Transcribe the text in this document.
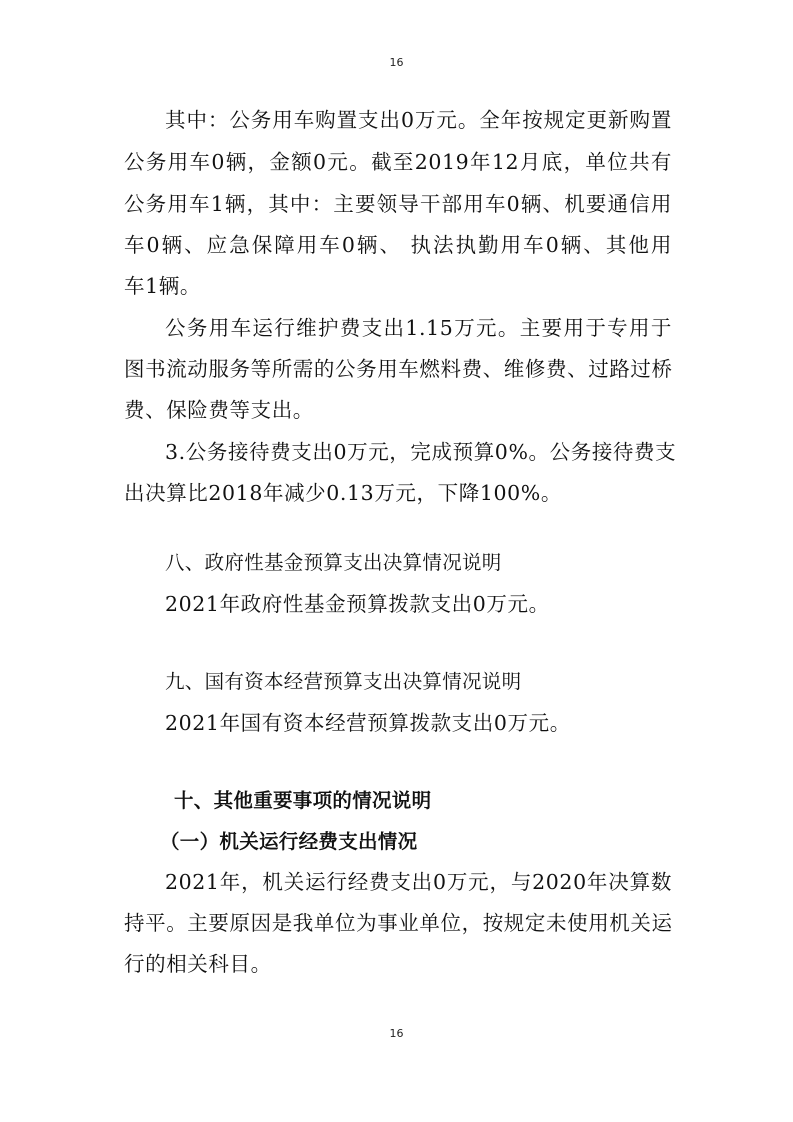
16
其中：公务用车购置支出0万元。全年按规定更新购置
公务用车0辆，金额0元。截至2019年12月底，单位共有
公务用车1辆，其中：主要领导干部用车0辆、机要通信用
车0辆、应急保障用车0辆、 执法执勤用车0辆、其他用
车1辆。
公务用车运行维护费支出1.15万元。主要用于专用于
图书流动服务等所需的公务用车燃料费、维修费、过路过桥
费、保险费等支出。
3.公务接待费支出0万元，完成预算0%。公务接待费支
出决算比2018年减少0.13万元，下降100%。
八、政府性基金预算支出决算情况说明
2021年政府性基金预算拨款支出0万元。
九、国有资本经营预算支出决算情况说明
2021年国有资本经营预算拨款支出0万元。
十、其他重要事项的情况说明
（一）机关运行经费支出情况
2021年，机关运行经费支出0万元，与2020年决算数
持平。主要原因是我单位为事业单位，按规定未使用机关运
行的相关科目。
16
